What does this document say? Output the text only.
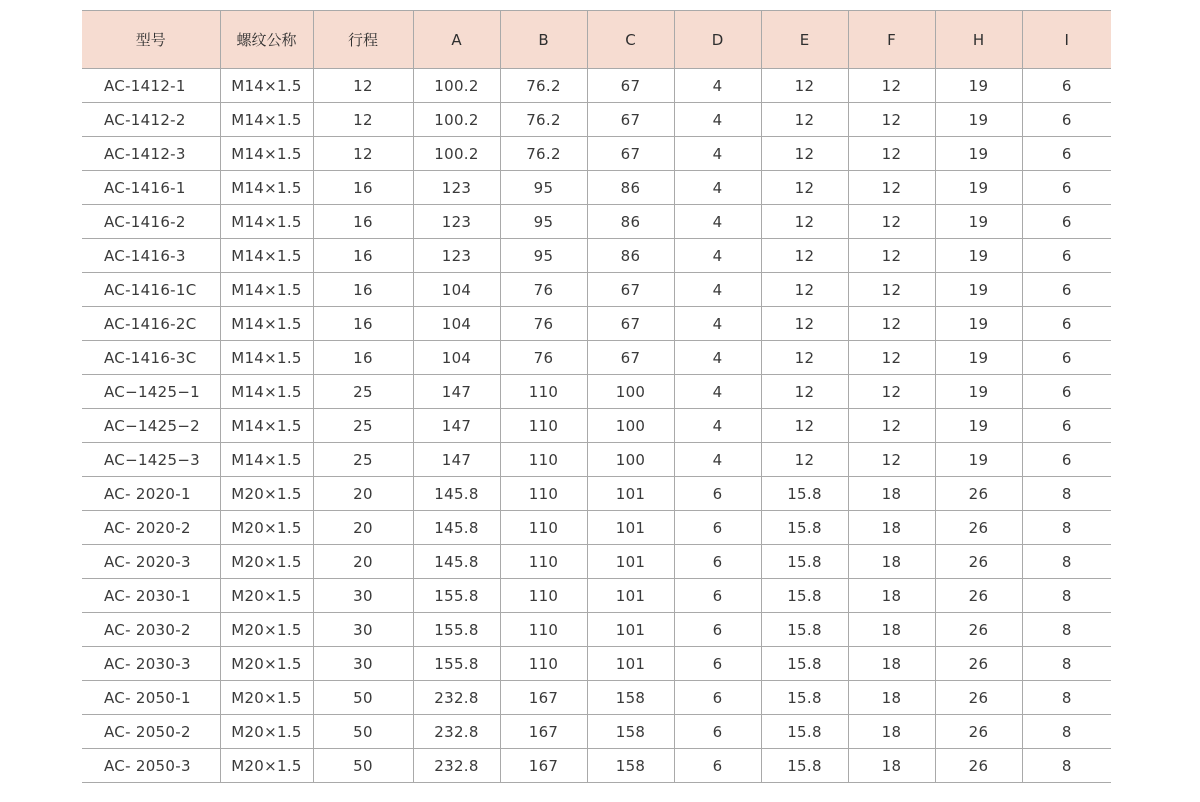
型号	螺纹公称	行程	A	B	C	D	E	F	H	I
AC-1412-1	M14×1.5	12	100.2	76.2	67	4	12	12	19	6
AC-1412-2	M14×1.5	12	100.2	76.2	67	4	12	12	19	6
AC-1412-3	M14×1.5	12	100.2	76.2	67	4	12	12	19	6
AC-1416-1	M14×1.5	16	123	95	86	4	12	12	19	6
AC-1416-2	M14×1.5	16	123	95	86	4	12	12	19	6
AC-1416-3	M14×1.5	16	123	95	86	4	12	12	19	6
AC-1416-1C	M14×1.5	16	104	76	67	4	12	12	19	6
AC-1416-2C	M14×1.5	16	104	76	67	4	12	12	19	6
AC-1416-3C	M14×1.5	16	104	76	67	4	12	12	19	6
AC−1425−1	M14×1.5	25	147	110	100	4	12	12	19	6
AC−1425−2	M14×1.5	25	147	110	100	4	12	12	19	6
AC−1425−3	M14×1.5	25	147	110	100	4	12	12	19	6
AC- 2020-1	M20×1.5	20	145.8	110	101	6	15.8	18	26	8
AC- 2020-2	M20×1.5	20	145.8	110	101	6	15.8	18	26	8
AC- 2020-3	M20×1.5	20	145.8	110	101	6	15.8	18	26	8
AC- 2030-1	M20×1.5	30	155.8	110	101	6	15.8	18	26	8
AC- 2030-2	M20×1.5	30	155.8	110	101	6	15.8	18	26	8
AC- 2030-3	M20×1.5	30	155.8	110	101	6	15.8	18	26	8
AC- 2050-1	M20×1.5	50	232.8	167	158	6	15.8	18	26	8
AC- 2050-2	M20×1.5	50	232.8	167	158	6	15.8	18	26	8
AC- 2050-3	M20×1.5	50	232.8	167	158	6	15.8	18	26	8
